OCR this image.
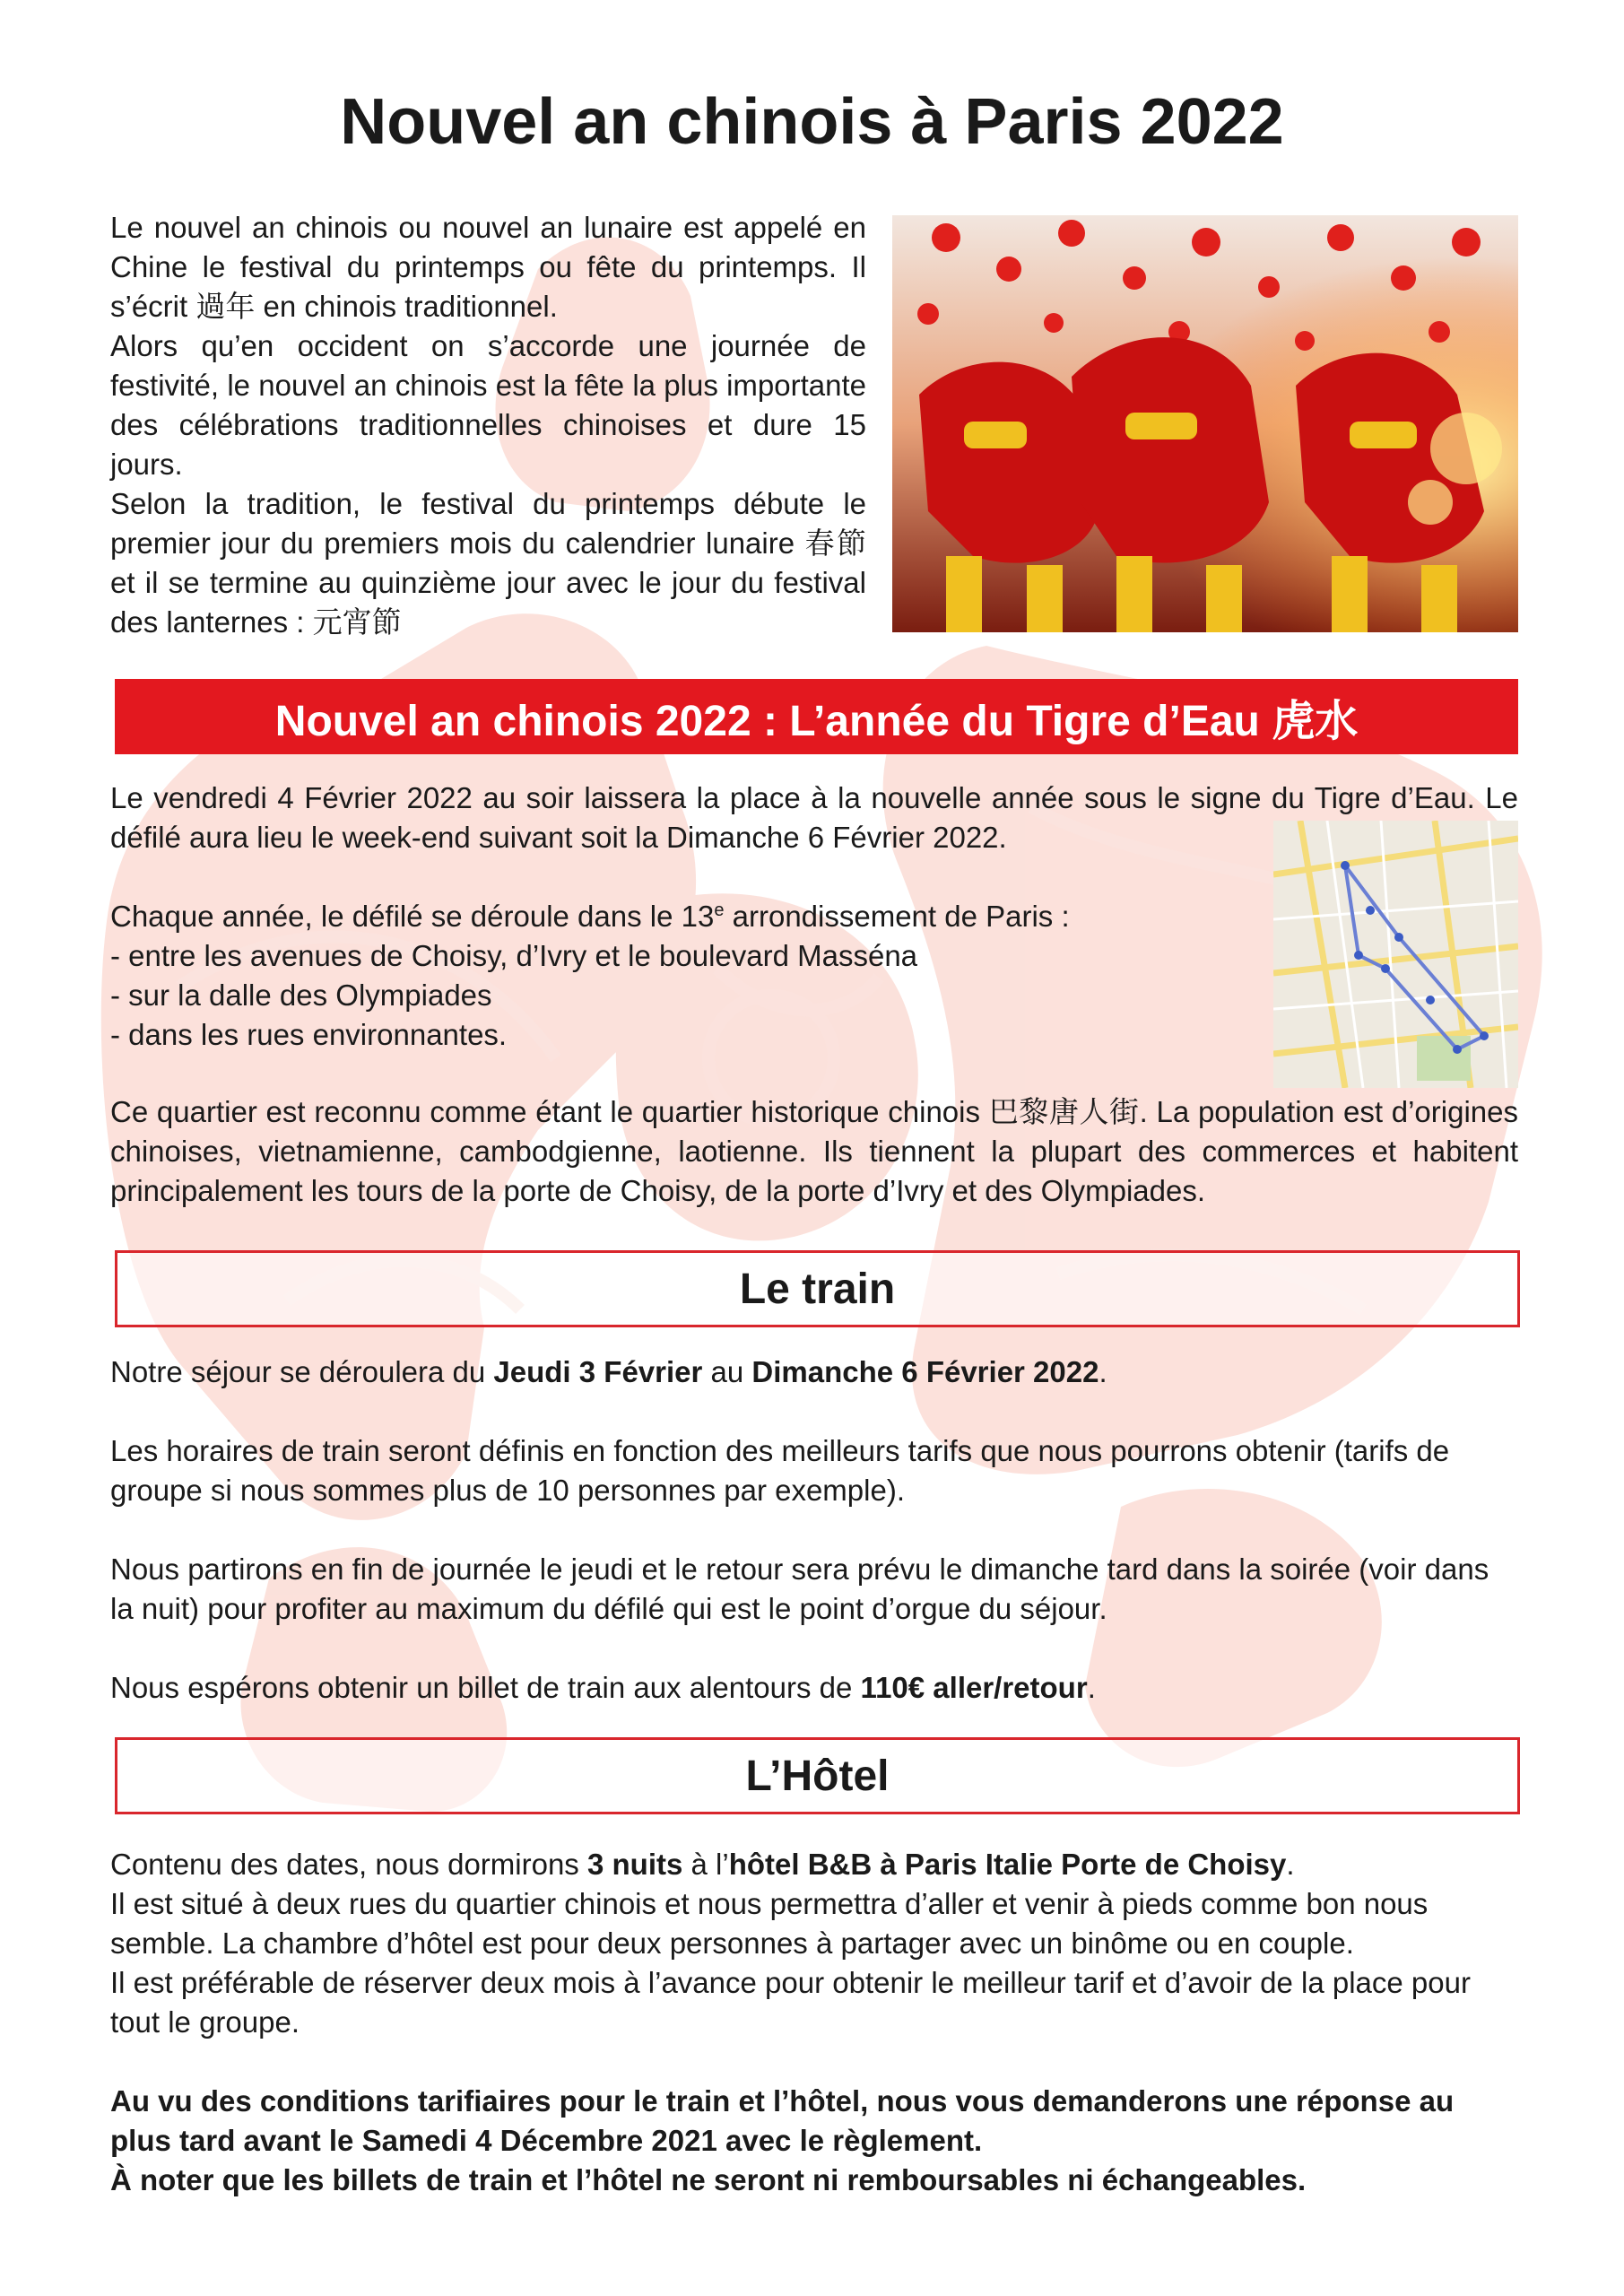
Nouvel an chinois à Paris 2022

Le nouvel an chinois ou nouvel an lunaire est appelé en Chine le festival du printemps ou fête du printemps. Il s’écrit 過年 en chinois traditionnel.

Alors qu’en occident on s’accorde une journée de festivité, le nouvel an chinois est la fête la plus importante des célébrations traditionnelles chinoises et dure 15 jours.

Selon la tradition, le festival du printemps débute le premier jour du premiers mois du calendrier lunaire 春節 et il se termine au quinzième jour avec le jour du festival des lanternes : 元宵節

Nouvel an chinois 2022 : L’année du Tigre d’Eau 虎水

Le vendredi 4 Février 2022 au soir laissera la place à la nouvelle année sous le signe du Tigre d’Eau. Le défilé aura lieu le week-end suivant soit la Dimanche 6 Février 2022.

Chaque année, le défilé se déroule dans le 13e arrondissement de Paris :

- entre les avenues de Choisy, d’Ivry et le boulevard Masséna
- sur la dalle des Olympiades
- dans les rues environnantes.

Ce quartier est reconnu comme étant le quartier historique chinois 巴黎唐人街. La population est d’origines chinoises, vietnamienne, cambodgienne, laotienne. Ils tiennent la plupart des commerces et habitent principalement les tours de la porte de Choisy, de la porte d’Ivry et des Olympiades.

Le train

Notre séjour se déroulera du Jeudi 3 Février au Dimanche 6 Février 2022.

Les horaires de train seront définis en fonction des meilleurs tarifs que nous pourrons obtenir (tarifs de groupe si nous sommes plus de 10 personnes par exemple).

Nous partirons en fin de journée le jeudi et le retour sera prévu le dimanche tard dans la soirée (voir dans la nuit) pour profiter au maximum du défilé qui est le point d’orgue du séjour.

Nous espérons obtenir un billet de train aux alentours de 110€ aller/retour.

L’Hôtel

Contenu des dates, nous dormirons 3 nuits à l’hôtel B&B à Paris Italie Porte de Choisy.

Il est situé à deux rues du quartier chinois et nous permettra d’aller et venir à pieds comme bon nous semble. La chambre d’hôtel est pour deux personnes à partager avec un binôme ou en couple.

Il est préférable de réserver deux mois à l’avance pour obtenir le meilleur tarif et d’avoir de la place pour tout le groupe.

Au vu des conditions tarifiaires pour le train et l’hôtel, nous vous demanderons une réponse au plus tard avant le Samedi 4 Décembre 2021 avec le règlement.

À noter que les billets de train et l’hôtel ne seront ni remboursables ni échangeables.
